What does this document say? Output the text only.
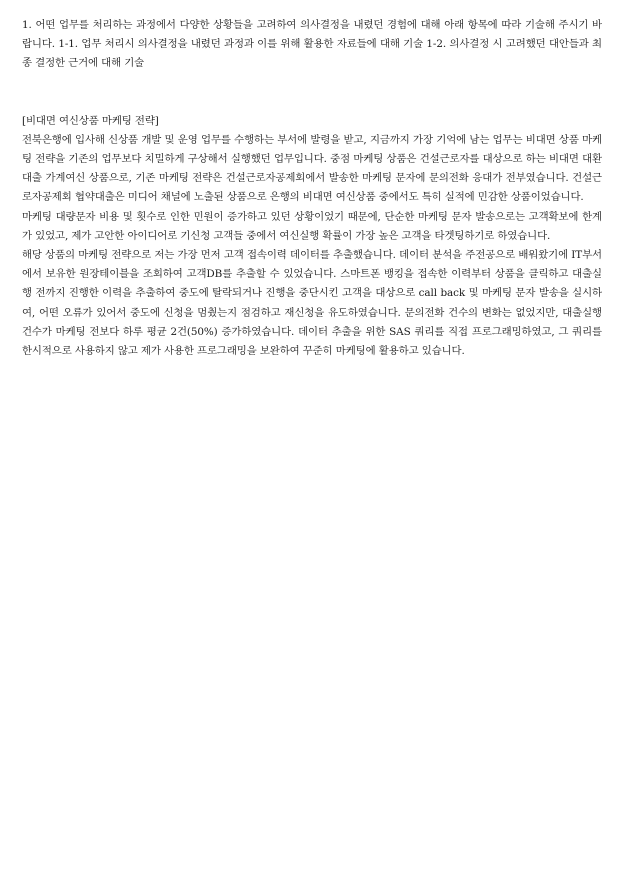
1. 어떤 업무를 처리하는 과정에서 다양한 상황들을 고려하여 의사결정을 내렸던 경험에 대해 아래 항목에 따라 기술해 주시기 바랍니다. 1-1. 업무 처리시 의사결정을 내렸던 과정과 이를 위해 활용한 자료들에 대해 기술 1-2. 의사결정 시 고려했던 대안들과 최종 결정한 근거에 대해 기술

[비대면 여신상품 마케팅 전략]

전북은행에 입사해 신상품 개발 및 운영 업무를 수행하는 부서에 발령을 받고, 지금까지 가장 기억에 남는 업무는 비대면 상품 마케팅 전략을 기존의 업무보다 치밀하게 구상해서 실행했던 업무입니다. 중점 마케팅 상품은 건설근로자를 대상으로 하는 비대면 대환대출 가계여신 상품으로, 기존 마케팅 전략은 건설근로자공제회에서 발송한 마케팅 문자에 문의전화 응대가 전부였습니다. 건설근로자공제회 협약대출은 미디어 채널에 노출된 상품으로 은행의 비대면 여신상품 중에서도 특히 실적에 민감한 상품이었습니다.

마케팅 대량문자 비용 및 횟수로 인한 민원이 증가하고 있던 상황이었기 때문에, 단순한 마케팅 문자 발송으로는 고객확보에 한계가 있었고, 제가 고안한 아이디어로 기신청 고객들 중에서 여신실행 확률이 가장 높은 고객을 타겟팅하기로 하였습니다.

해당 상품의 마케팅 전략으로 저는 가장 먼저 고객 접속이력 데이터를 추출했습니다. 데이터 분석을 주전공으로 배워왔기에 IT부서에서 보유한 원장테이블을 조회하여 고객DB를 추출할 수 있었습니다. 스마트폰 뱅킹을 접속한 이력부터 상품을 클릭하고 대출실행 전까지 진행한 이력을 추출하여 중도에 탈락되거나 진행을 중단시킨 고객을 대상으로 call back 및 마케팅 문자 발송을 실시하여, 어떤 오류가 있어서 중도에 신청을 멈췄는지 점검하고 재신청을 유도하였습니다. 문의전화 건수의 변화는 없었지만, 대출실행 건수가 마케팅 전보다 하루 평균 2건(50%) 증가하였습니다. 데이터 추출을 위한 SAS 쿼리를 직접 프로그래밍하였고, 그 쿼리를 한시적으로 사용하지 않고 제가 사용한 프로그래밍을 보완하여 꾸준히 마케팅에 활용하고 있습니다.
